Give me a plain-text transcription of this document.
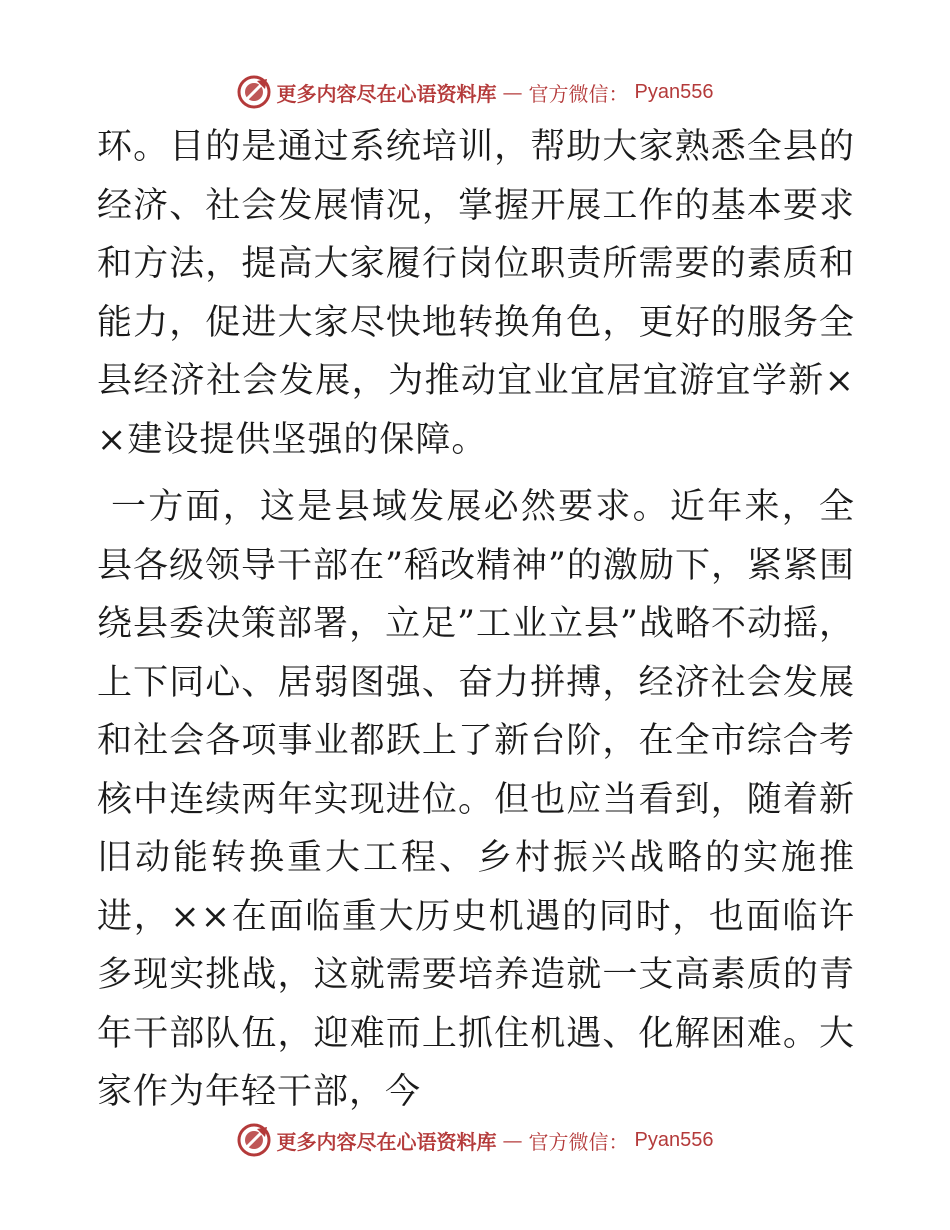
更多内容尽在心语资料库 — 官方微信： Pyan556

环。目的是通过系统培训，帮助大家熟悉全县的经济、社会发展情况，掌握开展工作的基本要求和方法，提高大家履行岗位职责所需要的素质和能力，促进大家尽快地转换角色，更好的服务全县经济社会发展，为推动宜业宜居宜游宜学新××建设提供坚强的保障。

一方面，这是县域发展必然要求。近年来，全县各级领导干部在”稻改精神”的激励下，紧紧围绕县委决策部署，立足”工业立县”战略不动摇，上下同心、居弱图强、奋力拼搏，经济社会发展和社会各项事业都跃上了新台阶，在全市综合考核中连续两年实现进位。但也应当看到，随着新旧动能转换重大工程、乡村振兴战略的实施推进，××在面临重大历史机遇的同时，也面临许多现实挑战，这就需要培养造就一支高素质的青年干部队伍，迎难而上抓住机遇、化解困难。大家作为年轻干部，今

更多内容尽在心语资料库 — 官方微信： Pyan556
